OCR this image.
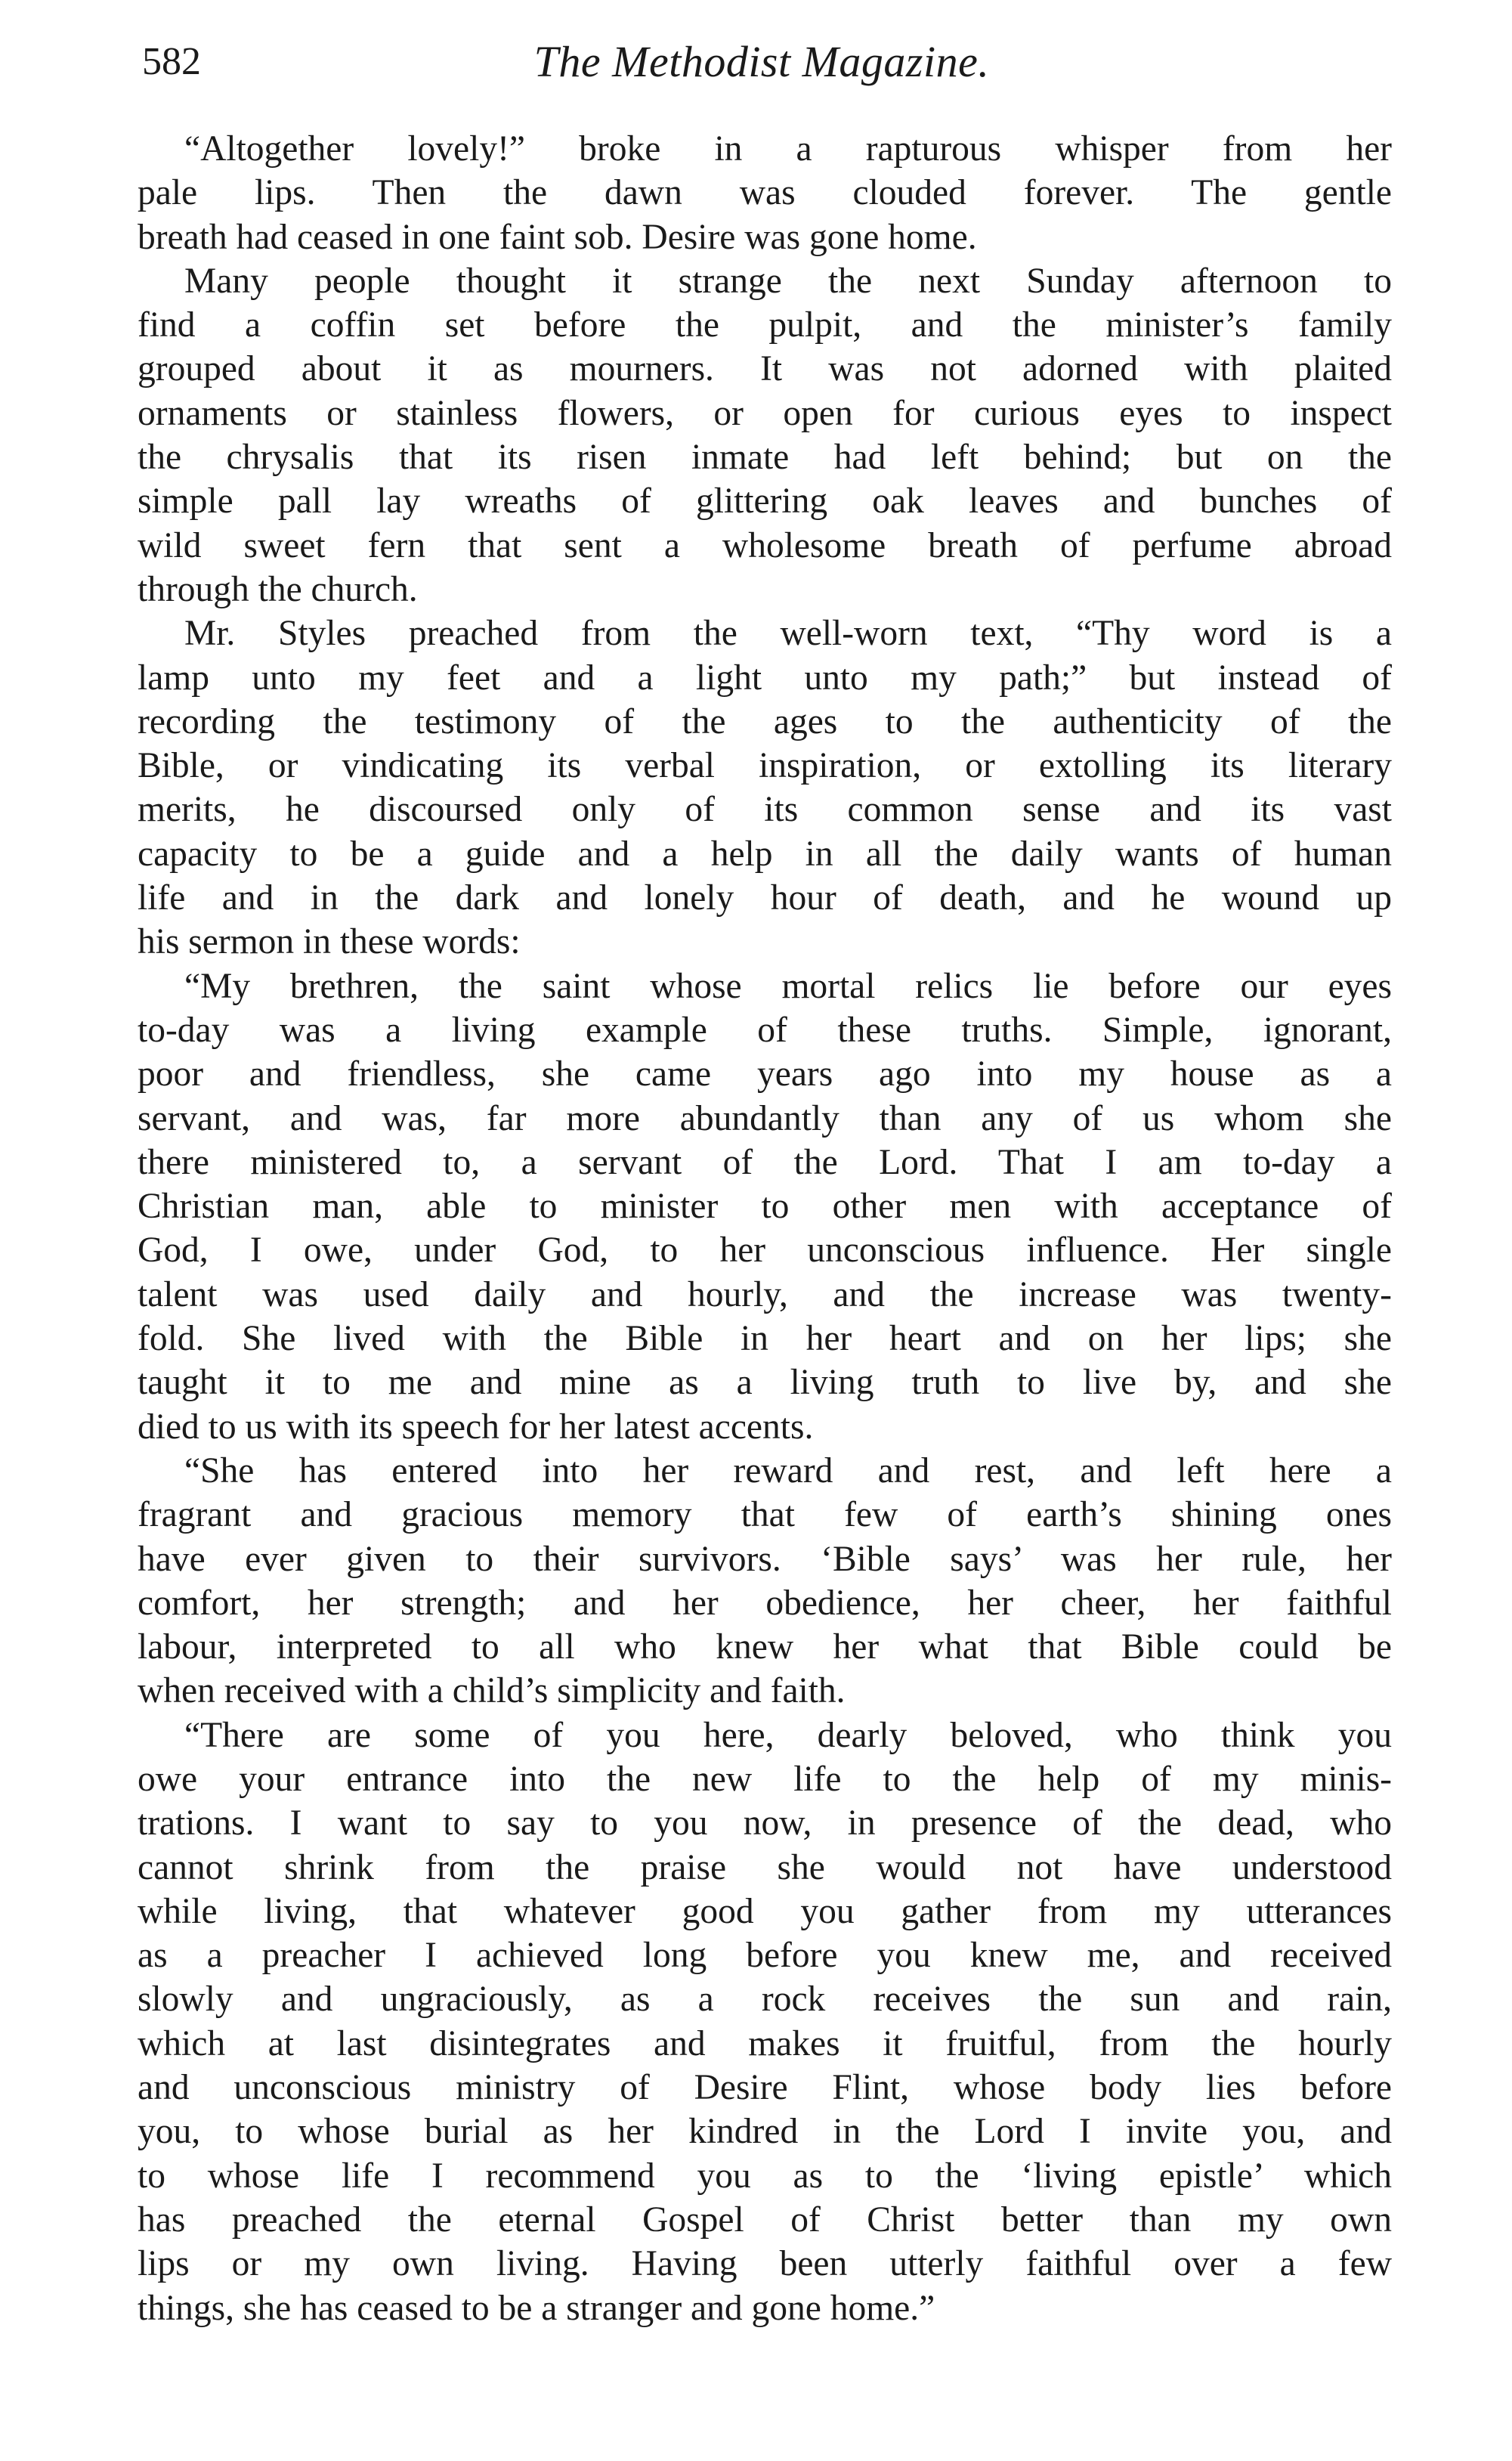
582	The Methodist Magazine.
“Altogether lovely!” broke in a rapturous whisper from her
pale lips. Then the dawn was clouded forever. The gentle
breath had ceased in one faint sob. Desire was gone home.
Many people thought it strange the next Sunday afternoon to
find a coffin set before the pulpit, and the minister’s family
grouped about it as mourners. It was not adorned with plaited
ornaments or stainless flowers, or open for curious eyes to inspect
the chrysalis that its risen inmate had left behind; but on the
simple pall lay wreaths of glittering oak leaves and bunches of
wild sweet fern that sent a wholesome breath of perfume abroad
through the church.
Mr. Styles preached from the well-worn text, “Thy word is a
lamp unto my feet and a light unto my path;” but instead of
recording the testimony of the ages to the authenticity of the
Bible, or vindicating its verbal inspiration, or extolling its literary
merits, he discoursed only of its common sense and its vast
capacity to be a guide and a help in all the daily wants of human
life and in the dark and lonely hour of death, and he wound up
his sermon in these words:
“My brethren, the saint whose mortal relics lie before our eyes
to-day was a living example of these truths. Simple, ignorant,
poor and friendless, she came years ago into my house as a
servant, and was, far more abundantly than any of us whom she
there ministered to, a servant of the Lord. That I am to-day a
Christian man, able to minister to other men with acceptance of
God, I owe, under God, to her unconscious influence. Her single
talent was used daily and hourly, and the increase was twenty-
fold. She lived with the Bible in her heart and on her lips; she
taught it to me and mine as a living truth to live by, and she
died to us with its speech for her latest accents.
“She has entered into her reward and rest, and left here a
fragrant and gracious memory that few of earth’s shining ones
have ever given to their survivors. ‘Bible says’ was her rule, her
comfort, her strength; and her obedience, her cheer, her faithful
labour, interpreted to all who knew her what that Bible could be
when received with a child’s simplicity and faith.
“There are some of you here, dearly beloved, who think you
owe your entrance into the new life to the help of my minis-
trations. I want to say to you now, in presence of the dead, who
cannot shrink from the praise she would not have understood
while living, that whatever good you gather from my utterances
as a preacher I achieved long before you knew me, and received
slowly and ungraciously, as a rock receives the sun and rain,
which at last disintegrates and makes it fruitful, from the hourly
and unconscious ministry of Desire Flint, whose body lies before
you, to whose burial as her kindred in the Lord I invite you, and
to whose life I recommend you as to the ‘living epistle’ which
has preached the eternal Gospel of Christ better than my own
lips or my own living. Having been utterly faithful over a few
things, she has ceased to be a stranger and gone home.”
